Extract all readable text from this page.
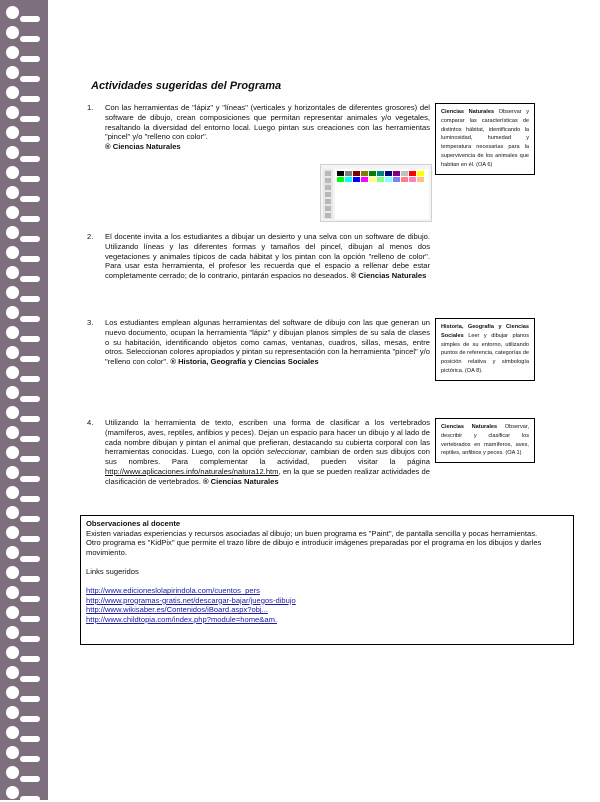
Actividades sugeridas del Programa
1. Con las herramientas de "lápiz" y "líneas" (verticales y horizontales de diferentes grosores) del software de dibujo, crean composiciones que permitan representar animales y/o vegetales, resaltando la diversidad del entorno local. Luego pintan sus creaciones con las herramientas "pincel" y/o "relleno con color".
® Ciencias Naturales
Ciencias Naturales Observar y comparar las características de distintos hábitat, identificando la luminosidad, humedad y temperatura necesarias para la supervivencia de los animales que habitan en él. (OA 6)
2. El docente invita a los estudiantes a dibujar un desierto y una selva con un software de dibujo. Utilizando líneas y las diferentes formas y tamaños del pincel, dibujan al menos dos vegetaciones y animales típicos de cada hábitat y los pintan con la opción "relleno de color". Para usar esta herramienta, el profesor les recuerda que el espacio a rellenar debe estar completamente cerrado; de lo contrario, pintarán espacios no deseados. ® Ciencias Naturales
3. Los estudiantes emplean algunas herramientas del software de dibujo con las que generan un nuevo documento, ocupan la herramienta "lápiz" y dibujan planos simples de su sala de clases o su habitación, identificando objetos como camas, ventanas, cuadros, sillas, mesas, entre otros. Seleccionan colores apropiados y pintan su representación con la herramienta "pincel" y/o "relleno con color". ® Historia, Geografía y Ciencias Sociales
Historia, Geografía y Ciencias Sociales Leer y dibujar planos simples de su entorno, utilizando puntos de referencia, categorías de posición relativa y simbología pictórica. (OA 8).
4. Utilizando la herramienta de texto, escriben una forma de clasificar a los vertebrados (mamíferos, aves, reptiles, anfibios y peces). Dejan un espacio para hacer un dibujo y al lado de cada nombre dibujan y pintan el animal que prefieran, destacando su cubierta corporal con las herramientas conocidas. Luego, con la opción seleccionar, cambian de orden sus dibujos con sus nombres. Para complementar la actividad, pueden visitar la página http://www.aplicaciones.info/naturales/natura12.htm, en la que se pueden realizar actividades de clasificación de vertebrados. ® Ciencias Naturales
Ciencias Naturales Observar, describir y clasificar los vertebrados en mamíferos, aves, reptiles, anfibios y peces. (OA 1)
Observaciones al docente
Existen variadas experiencias y recursos asociadas al dibujo; un buen programa es "Paint", de pantalla sencilla y pocas herramientas.
Otro programa es "KidPix" que permite el trazo libre de dibujo e introducir imágenes preparadas por el programa en los dibujos y darles movimiento.
Links sugeridos
http://www.edicioneslolapirindola.com/cuentos_pers
http://www.programas-gratis.net/descargar-bajar/juegos-dibujo
http://www.wikisaber.es/Contenidos/iBoard.aspx?obj...
http://www.childtopia.com/index.php?module=home&am.
